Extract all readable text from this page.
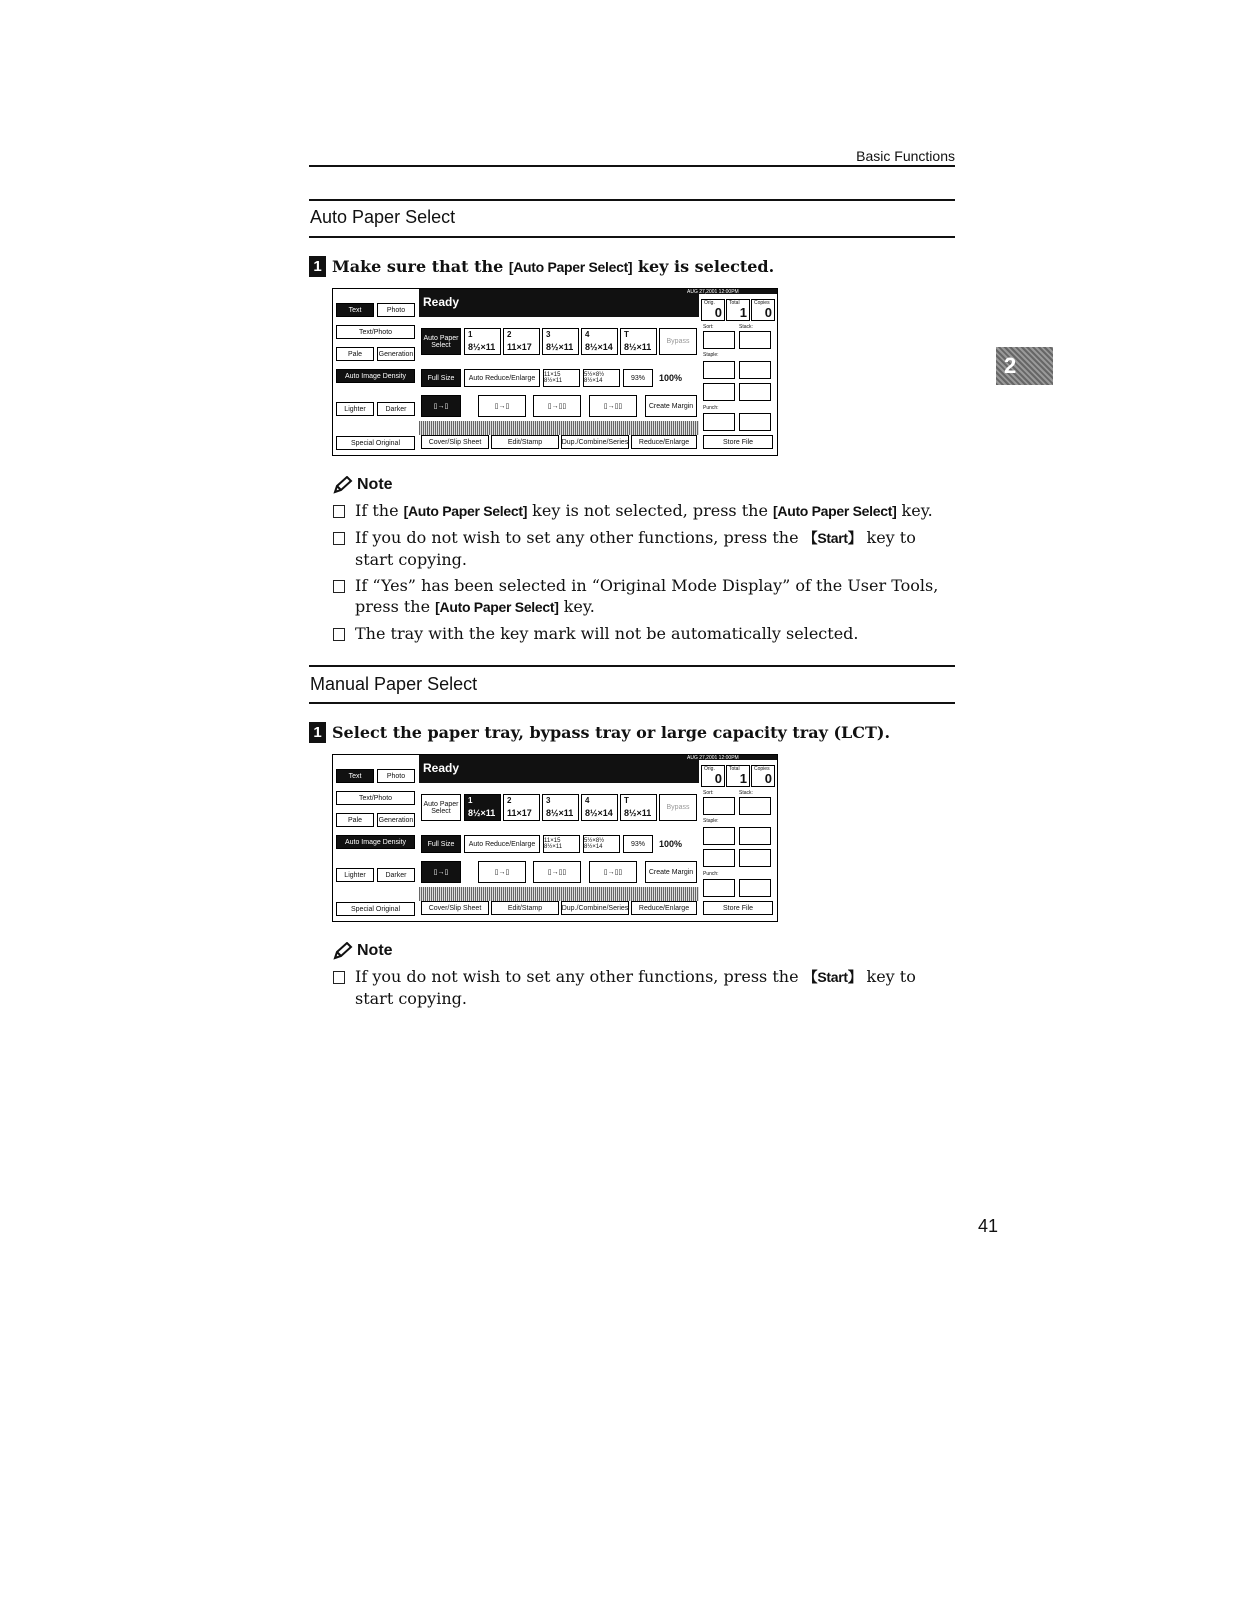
Basic Functions
2
Auto Paper Select
1 Make sure that the [Auto Paper Select] key is selected.
Text	Photo
Text/Photo
Pale	Generation
Auto Image Density
Lighter	Darker
Special Original
Ready
AUG 27,2001 12:00PM
Orig.
0
Total
1
Copies
0
Auto Paper Select
1
8½×11
2
11×17
3
8½×11
4
8½×14
T
8½×11
Bypass
Full Size	Auto Reduce/Enlarge	11×15 8½×11
5½×8½ 8½×14	93%	100%
▯→▯	▯→▯	▯→▯▯	▯→▯▯	Create Margin
Cover/Slip Sheet	Edit/Stamp	Dup./Combine/Series	Reduce/Enlarge
Sort:	Stack:
Staple:
Punch:
Store File
Note
If the [Auto Paper Select] key is not selected, press the [Auto Paper Select] key.
If you do not wish to set any other functions, press the 【Start】 key to start copying.
If “Yes” has been selected in “Original Mode Display” of the User Tools, press the [Auto Paper Select] key.
The tray with the key mark will not be automatically selected.
Manual Paper Select
1 Select the paper tray, bypass tray or large capacity tray (LCT).
Text	Photo
Text/Photo
Pale	Generation
Auto Image Density
Lighter	Darker
Special Original
Ready
AUG 27,2001 12:00PM
Orig.
0
Total
1
Copies
0
Auto Paper Select
1
8½×11
2
11×17
3
8½×11
4
8½×14
T
8½×11
Bypass
Full Size	Auto Reduce/Enlarge	11×15 8½×11
5½×8½ 8½×14	93%	100%
▯→▯	▯→▯	▯→▯▯	▯→▯▯	Create Margin
Cover/Slip Sheet	Edit/Stamp	Dup./Combine/Series	Reduce/Enlarge
Sort:	Stack:
Staple:
Punch:
Store File
Note
If you do not wish to set any other functions, press the 【Start】 key to start copying.
41
